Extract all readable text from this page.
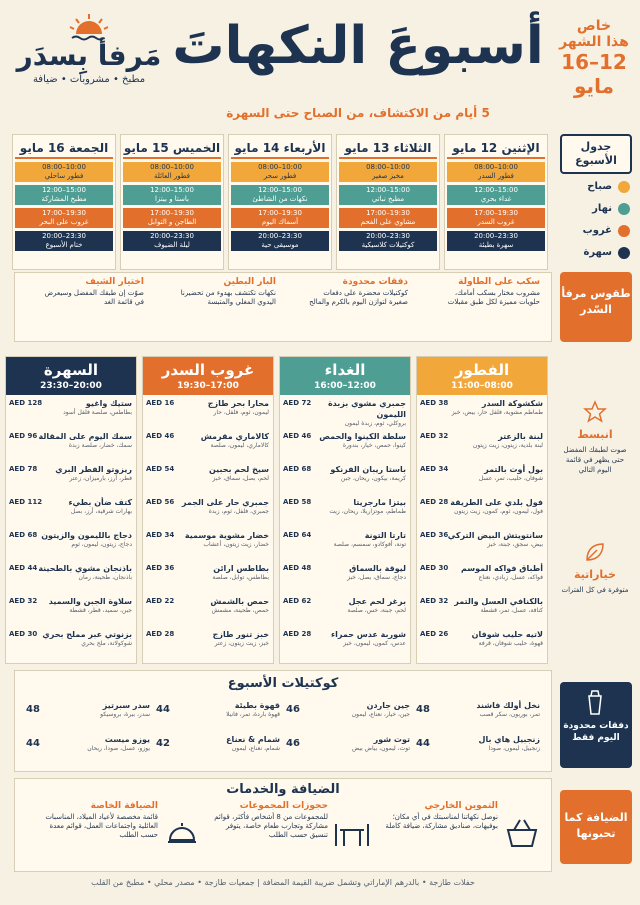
خاص
هذا الشهر
12–16
مايو
أسبوعَ النكهاتَ
5 أيام من الاكتشاف، من الصباح حتى السهرة
مَرفأ بِسدَر
مطبخ • مشروبات • ضيافة
جدول الأسبوع
صباح
نهار
غروب
سهرة
الإثنين 12 مايو
10:00–08:00
فطور السدر
15:00–12:00
غداء بحري
19:30–17:00
غروب السدر
23:30–20:00
سهرة بطيئة
الثلاثاء 13 مايو
10:00–08:00
مخبز صغير
15:00–12:00
مطبخ نباتي
19:30–17:00
مشاوي على الفحم
23:30–20:00
كوكتيلات كلاسيكية
الأربعاء 14 مايو
10:00–08:00
فطور سحر
15:00–12:00
نكهات من الشاطئ
19:30–17:00
أسماك اليوم
23:30–20:00
موسيقى حية
الخميس 15 مايو
10:00–08:00
فطور العائلة
15:00–12:00
باستا و بيتزا
19:30–17:00
الطاجن و التوابل
23:30–20:00
ليلة الضيوف
الجمعة 16 مايو
10:00–08:00
فطور ساحلي
15:00–12:00
مطبخ المشاركة
19:30–17:00
غروب على البحر
23:30–20:00
ختام الأسبوع
طقوس مرفأ السّدر
سكب على الطاولة
مشروب مختار بسكب أمامك، حلويات مميزة لكل طبق مقبلات
دفقات محدودة
كوكتيلات محضرة على دفعات صغيرة لتوازن اليوم بالكرم والمالح
البار البطين
نكهات تكتشف بهدوء من تحضيرنا اليدوي المغلي والمتبسة
اختيار الشيف
صوّت إن طبقك المفضل وسيعرض في قائمة الغد
انبسط
صوت لطبقك المفضل حتى يظهر في قائمة اليوم التالي
خياراتية
متوفرة في كل الفترات
الفطور
08:00–11:00
شكشوكة السدر
طماطم مشوية، فلفل حار، بيض، خبز
AED 38
لبنة بالزعتر
لبنة بلدية، زيتون، زيت زيتون
AED 32
بول أوت بالتمر
شوفان، حليب، تمر، عسل
AED 34
فول بلدي على الطريقة
فول، ليمون، ثوم، كمون، زيت زيتون
AED 28
سانتويتش البيض التركي
بيض، سجق، جبنة، خبز
AED 36
أطباق فواكه الموسم
فواكه، عسل، زبادي، نعناع
AED 30
بالكنافي العسل والتمر
كنافة، عسل، تمر، قشطة
AED 32
لاتيه حليب شوفان
قهوة، حليب شوفان، قرفة
AED 26
الغداء
12:00–16:00
جمبري مشوي بزبدة الليمون
بروكلي، ثوم، زبدة ليمون
AED 72
سلطة الكينوا والحمص
كينوا، حمص، خيار، بندورة
AED 46
باستا ريبان الفرنكو
كريمة، بيكون، ريحان، جبن
AED 68
بيتزا مارجريتا
طماطم، موتزاريلا، ريحان، زيت
AED 58
تارتا التونة
تونة، أفوكادو، سمسم، صلصة
AED 64
ليوقة بالسماق
دجاج، سماق، بصل، خبز
AED 48
برغر لحم عجل
لحم، جبنة، خس، صلصة
AED 62
شوربة عدس حمراء
عدس، كمون، ليمون، خبز
AED 28
غروب السدر
17:00–19:30
محارا بحر طازج
ليمون، ثوم، فلفل، حار
AED 16
كالاماري مقرمش
كالاماري، ليمون، صلصة
AED 46
سيخ لحم بحبين
لحم، بصل، سماق، خبز
AED 54
جمبري حار على الجمر
جمبري، فلفل، ثوم، زبدة
AED 56
خضار مشوية موسمية
خضار، زيت زيتون، أعشاب
AED 34
بطاطس ارائن
بطاطس، توابل، صلصة
AED 36
حمص بالشمش
حمص، طحينة، مشمش
AED 22
خبز تنور طازج
خبز، زيت زيتون، زعتر
AED 28
السهرة
20:00–23:30
ستيك واغيو
بطاطس، صلصة فلفل أسود
AED 128
سمك اليوم على المقالة
سمك، خضار، صلصة زبدة
AED 96
ريزوتو الفطر البري
فطر، أرز، بارميزان، زعتر
AED 78
كتف ضأن بطيء
بهارات شرقية، أرز، بصل
AED 112
دجاج بالليمون والزيتون
دجاج، زيتون، ليمون، ثوم
AED 68
باذنجان مشوي بالطحينة
باذنجان، طحينة، رمان
AED 44
سلاوة الجبن والسميد
جبن، سميد، قطر، قشطة
AED 32
بزنوتي عبر مملح بحري
شوكولاتة، ملح بحري
AED 30
دفقات محدودة اليوم فقط
كوكتيلات الأسبوع
نخل أولك فاشند
تمر، بوربون، سكر قصب
48
جين جاردن
جين، خيار، نعناع، ليمون
46
قهوة بطيئة
قهوة باردة، تمر، فانيلا
44
سدر سبرتيز
سدر، بيرة، بروسيكو
48
زنجبيل هاي بال
زنجبيل، ليمون، صودا
44
توت شور
توت، ليمون، بياض بيض
46
شمام & نعناع
شمام، نعناع، ليمون
42
يوزو ميست
يوزو، عسل، صودا، ريحان
44
الضيافة كما تحبونها
الضيافة والخدمات
التموين الخارجي
نوصل نكهاتنا لمناسبتك في أي مكان؛ بوفيهات، صناديق مشاركة، ضيافة كاملة
حجوزات المجموعات
للمجموعات من 8 أشخاص فأكثر، قوائم مشاركة وتجارب طعام خاصة، يتوفر تنسيق حسب الطلب
الضيافة الخاصة
قائمة مخصصة لأعياد الميلاد، المناسبات العائلية واجتماعات العمل، قوائم معدة حسب الطلب
حفلات طازجة • بالدرهم الإماراتي وتشمل ضريبة القيمة المضافة | جمعيات طازجة • مصدر محلي • مطبخ من القلب
